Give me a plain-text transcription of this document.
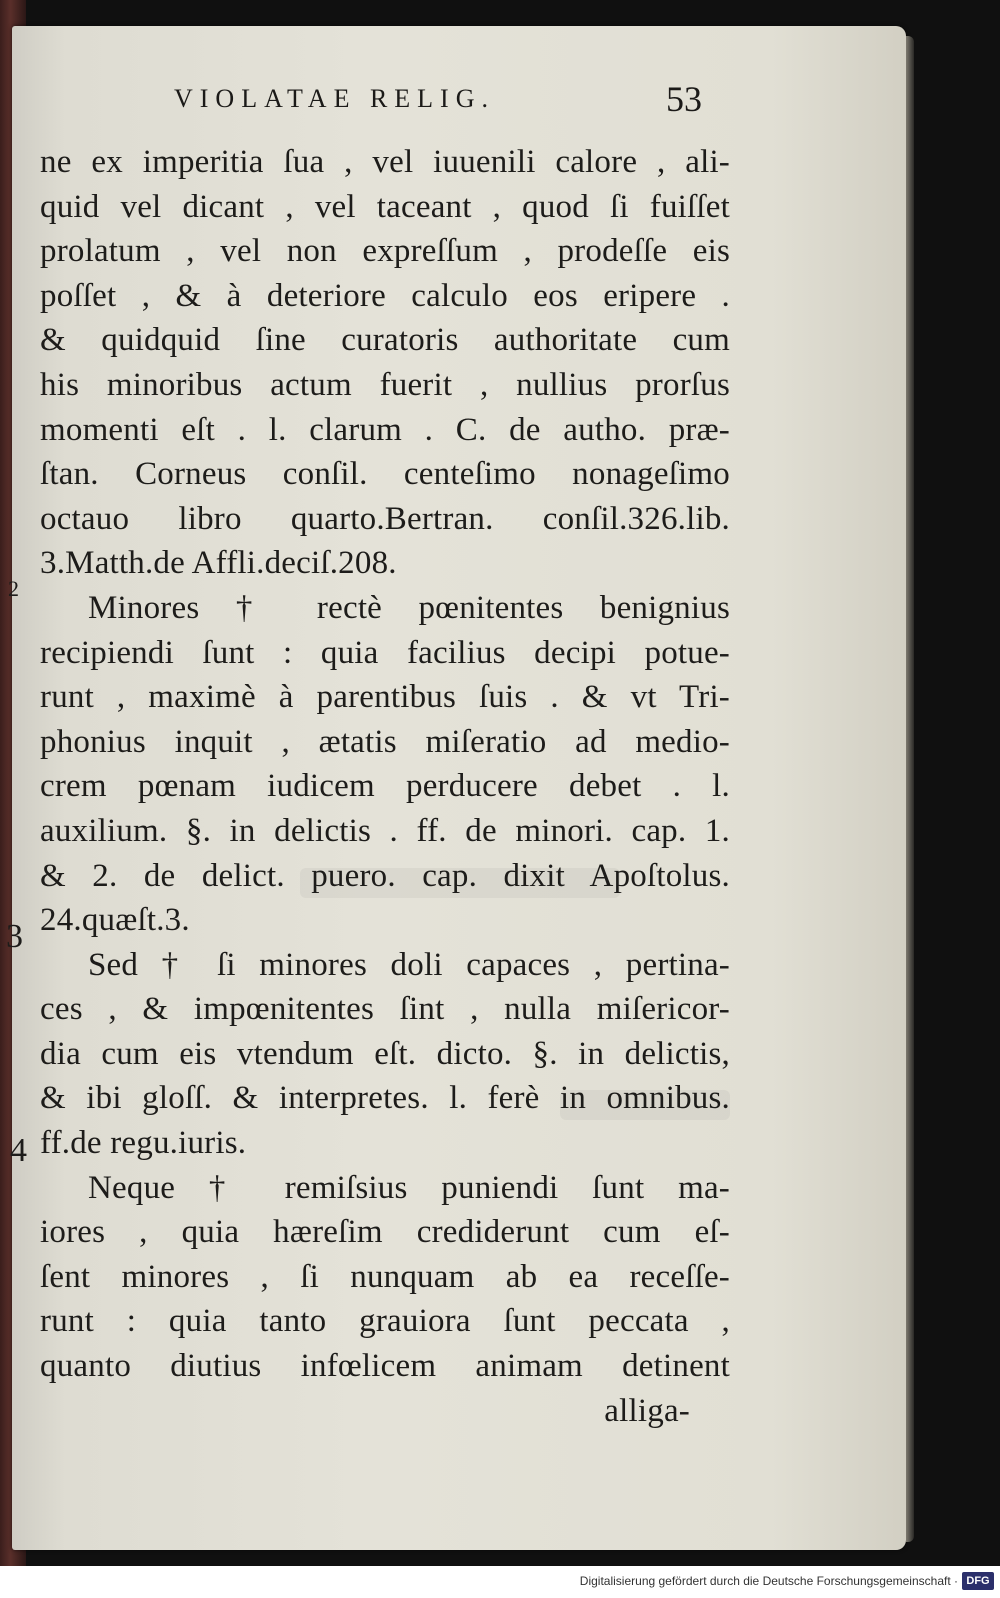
VIOLATAE RELIG.	53
ne ex imperitia ſua , vel iuuenili calore , ali-
quid vel dicant , vel taceant , quod ſi fuiſſet
prolatum , vel non expreſſum , prodeſſe eis
poſſet , & à deteriore calculo eos eripere .
& quidquid ſine curatoris authoritate cum
his minoribus actum fuerit , nullius prorſus
momenti eſt . l. clarum . C. de autho. præ-
ſtan. Corneus conſil. centeſimo nonageſimo
octauo libro quarto.Bertran. conſil.326.lib.
3.Matth.de Affli.deciſ.208.
Minores † rectè pœnitentes benignius
recipiendi ſunt : quia facilius decipi potue-
runt , maximè à parentibus ſuis . & vt Tri-
phonius inquit , ætatis miſeratio ad medio-
crem pœnam iudicem perducere debet . l.
auxilium. §. in delictis . ff. de minori. cap. 1.
& 2. de delict. puero. cap. dixit Apoſtolus.
24.quæſt.3.
Sed † ſi minores doli capaces , pertina-
ces , & impœnitentes ſint , nulla miſericor-
dia cum eis vtendum eſt. dicto. §. in delictis,
& ibi gloſſ. & interpretes. l. ferè in omnibus.
ff.de regu.iuris.
Neque † remiſsius puniendi ſunt ma-
iores , quia hæreſim crediderunt cum eſ-
ſent minores , ſi nunquam ab ea receſſe-
runt : quia tanto grauiora ſunt peccata ,
quanto diutius infœlicem animam detinent
alliga-
2
3
4
Digitalisierung gefördert durch die Deutsche Forschungsgemeinschaft · DFG
